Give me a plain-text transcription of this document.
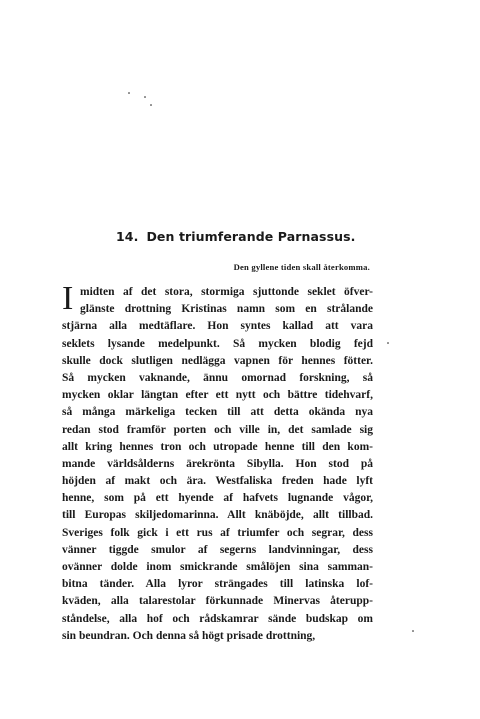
14. Den triumferande Parnassus.
Den gyllene tiden skall återkomma.
I midten af det stora, stormiga sjuttonde seklet öfver-
glänste drottning Kristinas namn som en strålande
stjärna alla medtäflare. Hon syntes kallad att vara
seklets lysande medelpunkt. Så mycken blodig fejd
skulle dock slutligen nedlägga vapnen för hennes fötter.
Så mycken vaknande, ännu omornad forskning, så
mycken oklar längtan efter ett nytt och bättre tidehvarf,
så många märkeliga tecken till att detta okända nya
redan stod framför porten och ville in, det samlade sig
allt kring hennes tron och utropade henne till den kom-
mande världsålderns ärekrönta Sibylla. Hon stod på
höjden af makt och ära. Westfaliska freden hade lyft
henne, som på ett hyende af hafvets lugnande vågor,
till Europas skiljedomarinna. Allt knäböjde, allt tillbad.
Sveriges folk gick i ett rus af triumfer och segrar, dess
vänner tiggde smulor af segerns landvinningar, dess
ovänner dolde inom smickrande smålöjen sina samman-
bitna tänder. Alla lyror strängades till latinska lof-
kväden, alla talarestolar förkunnade Minervas återupp-
ståndelse, alla hof och rådskamrar sände budskap om
sin beundran. Och denna så högt prisade drottning,
